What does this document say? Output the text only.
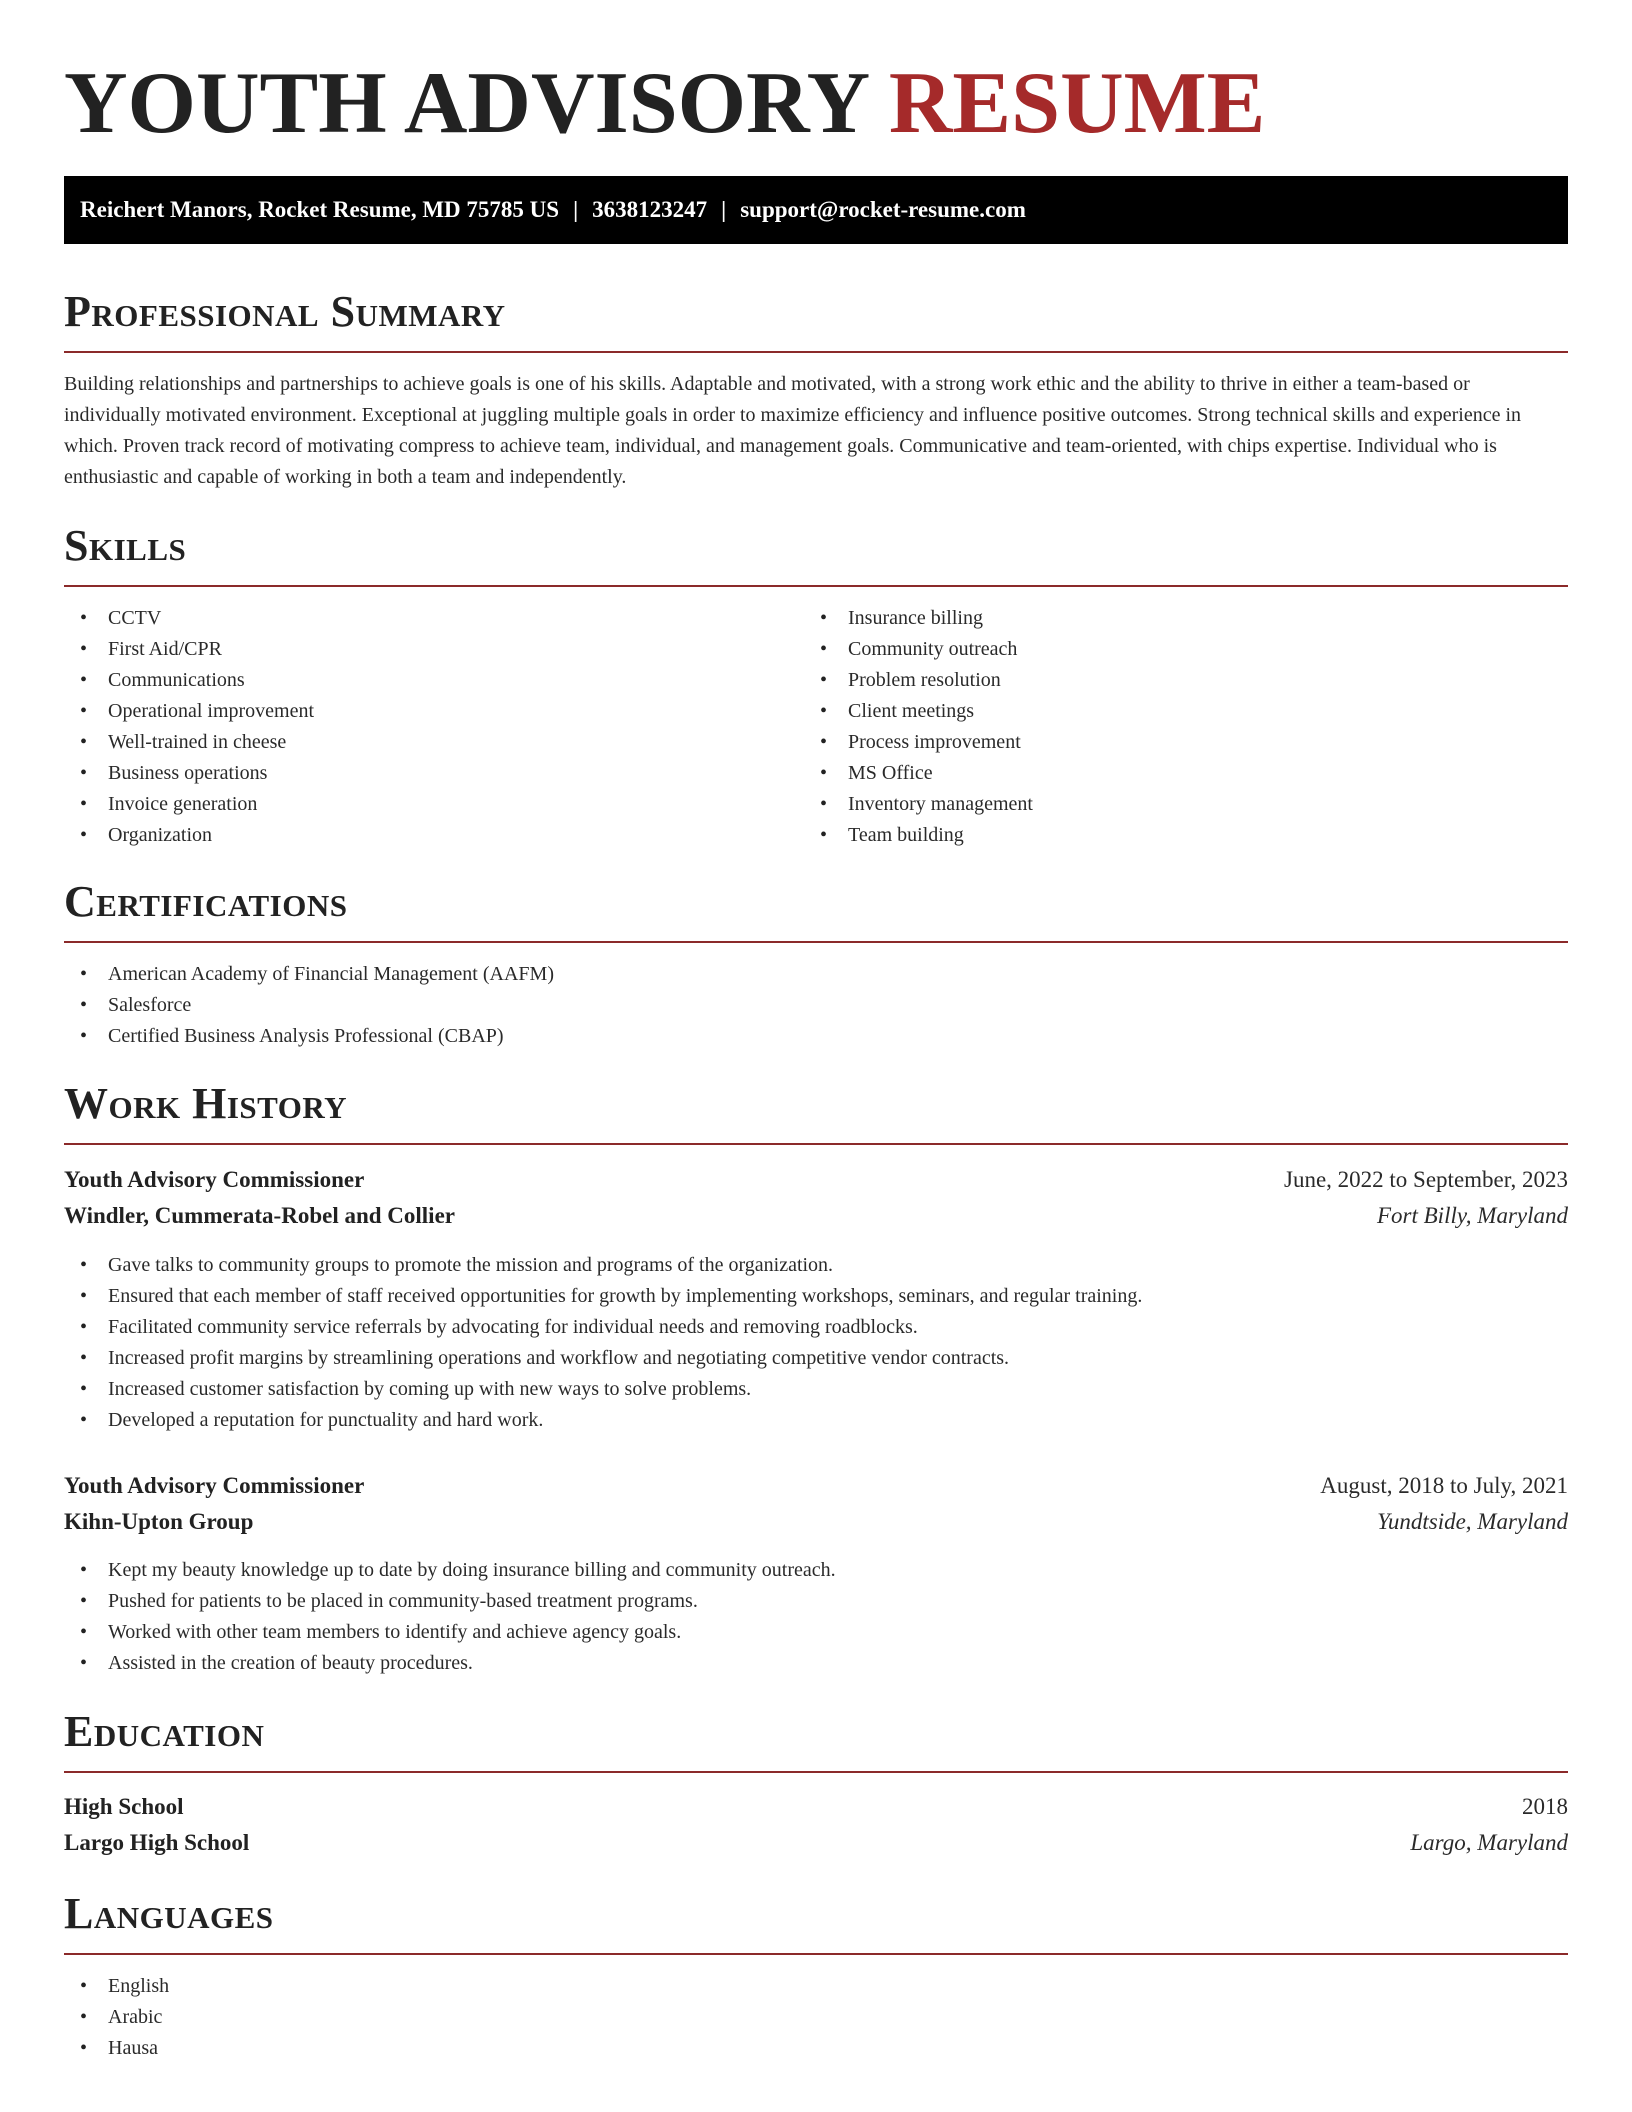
YOUTH ADVISORY RESUME
Reichert Manors, Rocket Resume, MD 75785 US | 3638123247 | support@rocket-resume.com
Professional Summary

Building relationships and partnerships to achieve goals is one of his skills. Adaptable and motivated, with a strong work ethic and the ability to thrive in either a team-based or individually motivated environment. Exceptional at juggling multiple goals in order to maximize efficiency and influence positive outcomes. Strong technical skills and experience in which. Proven track record of motivating compress to achieve team, individual, and management goals. Communicative and team-oriented, with chips expertise. Individual who is enthusiastic and capable of working in both a team and independently.

Skills
• CCTV
• First Aid/CPR
• Communications
• Operational improvement
• Well-trained in cheese
• Business operations
• Invoice generation
• Organization
• Insurance billing
• Community outreach
• Problem resolution
• Client meetings
• Process improvement
• MS Office
• Inventory management
• Team building
Certifications
• American Academy of Financial Management (AAFM)
• Salesforce
• Certified Business Analysis Professional (CBAP)
Work History
Youth Advisory Commissioner	June, 2022 to September, 2023
Windler, Cummerata-Robel and Collier	Fort Billy, Maryland
• Gave talks to community groups to promote the mission and programs of the organization.
• Ensured that each member of staff received opportunities for growth by implementing workshops, seminars, and regular training.
• Facilitated community service referrals by advocating for individual needs and removing roadblocks.
• Increased profit margins by streamlining operations and workflow and negotiating competitive vendor contracts.
• Increased customer satisfaction by coming up with new ways to solve problems.
• Developed a reputation for punctuality and hard work.
Youth Advisory Commissioner	August, 2018 to July, 2021
Kihn-Upton Group	Yundtside, Maryland
• Kept my beauty knowledge up to date by doing insurance billing and community outreach.
• Pushed for patients to be placed in community-based treatment programs.
• Worked with other team members to identify and achieve agency goals.
• Assisted in the creation of beauty procedures.
Education
High School	2018
Largo High School	Largo, Maryland
Languages
• English
• Arabic
• Hausa
